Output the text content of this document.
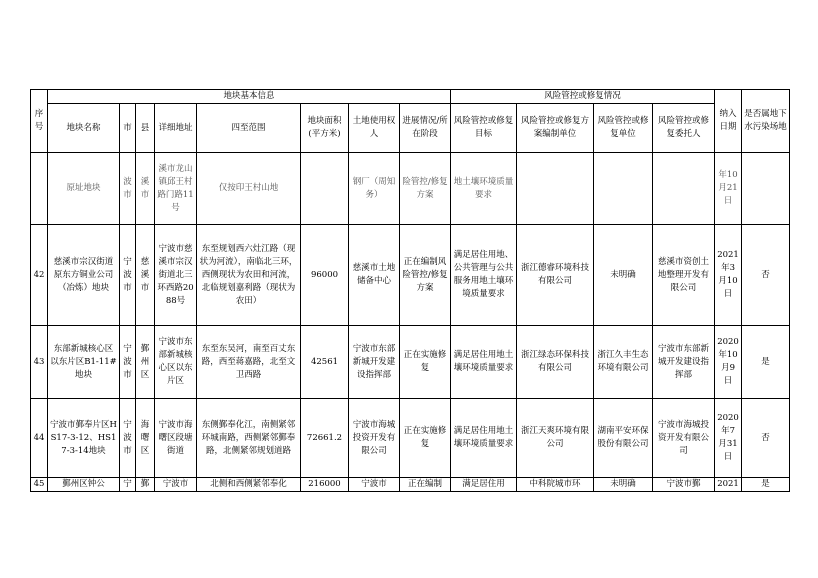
序号	地块基本信息								风险管控或修复情况				纳入日期	是否属地下水污染场地
	地块名称	市	县	详细地址	四至范围	地块面积(平方米)	土地使用权人	进展情况/所在阶段	风险管控或修复目标	风险管控或修复方案编制单位	风险管控或修复单位	风险管控或修复委托人		
	原址地块	波市	溪市	溪市龙山镇邱王村路门路11号	仅按印王村山地		钢厂（周知务）	险管控/修复方案	地土壤环境质量要求				年10月21日	
42	慈溪市宗汉街道原东方铜业公司（冶炼）地块	宁波市	慈溪市	宁波市慈溪市宗汉街道北三环西路2088号	东至规划西六灶江路（现状为河流），南临北三环，西侧现状为农田和河流，北临规划嘉利路（现状为农田）	96000	慈溪市土地储备中心	正在编制风险管控/修复方案	满足居住用地、公共管理与公共服务用地土壤环境质量要求	浙江德睿环境科技有限公司	未明确	慈溪市资创土地整理开发有限公司	2021年3月10日	否
43	东部新城核心区以东片区B1-11#地块	宁波市	鄞州区	宁波市东部新城核心区以东片区	东至东吴河，南至百丈东路，西至蒋嘉路，北至文卫西路	42561	宁波市东部新城开发建设指挥部	正在实施修复	满足居住用地土壤环境质量要求	浙江绿态环保科技有限公司	浙江久丰生态环境有限公司	宁波市东部新城开发建设指挥部	2020年10月9日	是
44	宁波市鄞奉片区HS17-3-12、HS17-3-14地块	宁波市	海曙区	宁波市海曙区段塘街道	东侧鄞奉化江，南侧紧邻环城南路，西侧紧邻鄞奉路，北侧紧邻规划道路	72661.2	宁波市海城投资开发有限公司	正在实施修复	满足居住用地土壤环境质量要求	浙江天爽环境有限公司	湖南平安环保股份有限公司	宁波市海城投资开发有限公司	2020年7月31日	否
45	鄞州区钟公	宁	鄞	宁波市	北侧和西侧紧邻奉化	216000	宁波市	正在编制	满足居住用	中科院城市环	未明确	宁波市鄞	2021	是
